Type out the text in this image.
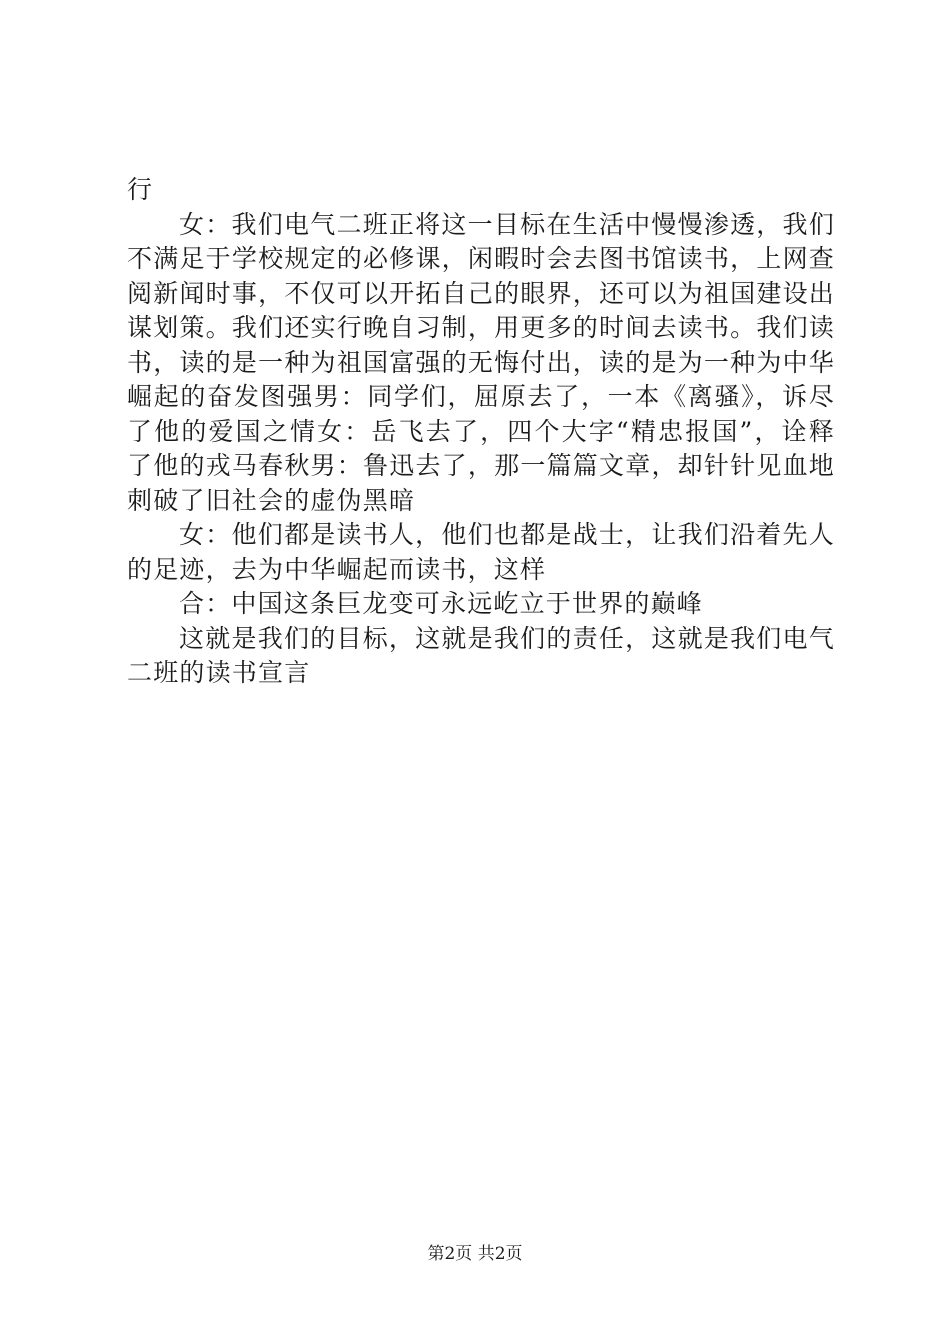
行

女：我们电气二班正将这一目标在生活中慢慢渗透，我们不满足于学校规定的必修课，闲暇时会去图书馆读书，上网查阅新闻时事，不仅可以开拓自己的眼界，还可以为祖国建设出谋划策。我们还实行晚自习制，用更多的时间去读书。我们读书，读的是一种为祖国富强的无悔付出，读的是为一种为中华崛起的奋发图强男：同学们，屈原去了，一本《离骚》，诉尽了他的爱国之情女：岳飞去了，四个大字“精忠报国”，诠释了他的戎马春秋男：鲁迅去了，那一篇篇文章，却针针见血地刺破了旧社会的虚伪黑暗

女：他们都是读书人，他们也都是战士，让我们沿着先人的足迹，去为中华崛起而读书，这样

合：中国这条巨龙变可永远屹立于世界的巅峰

这就是我们的目标，这就是我们的责任，这就是我们电气二班的读书宣言

第2页 共2页
